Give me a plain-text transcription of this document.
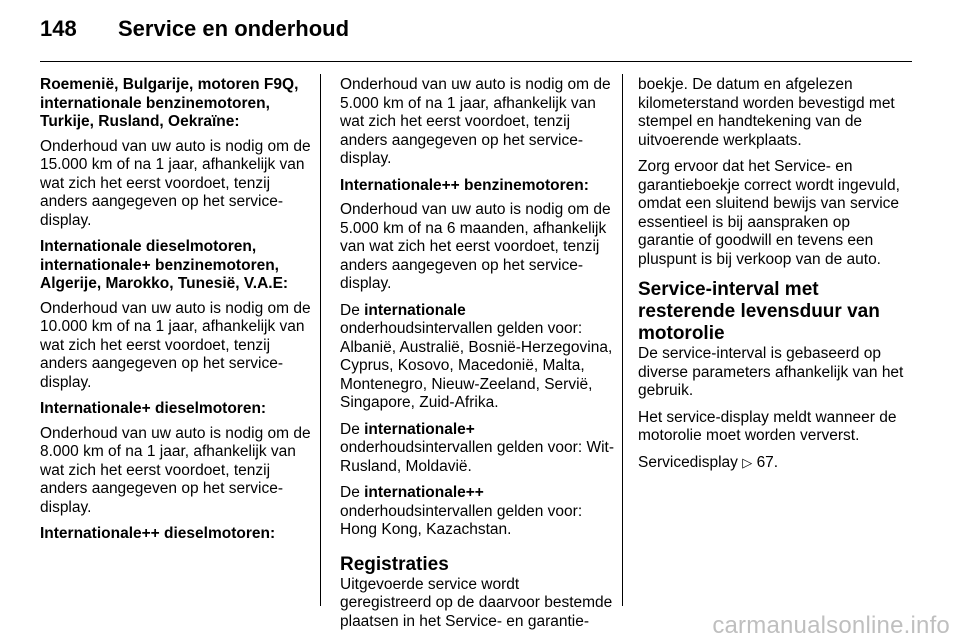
148 Service en onderhoud

Roemenië, Bulgarije, motoren F9Q, internationale benzinemotoren, Turkije, Rusland, Oekraïne:

Onderhoud van uw auto is nodig om de 15.000 km of na 1 jaar, afhankelijk van wat zich het eerst voordoet, tenzij anders aangegeven op het service-display.

Internationale dieselmotoren, internationale+ benzinemotoren, Algerije, Marokko, Tunesië, V.A.E:

Onderhoud van uw auto is nodig om de 10.000 km of na 1 jaar, afhankelijk van wat zich het eerst voordoet, tenzij anders aangegeven op het service-display.

Internationale+ dieselmotoren:

Onderhoud van uw auto is nodig om de 8.000 km of na 1 jaar, afhankelijk van wat zich het eerst voordoet, tenzij anders aangegeven op het service-display.

Internationale++ dieselmotoren:

Onderhoud van uw auto is nodig om de 5.000 km of na 1 jaar, afhankelijk van wat zich het eerst voordoet, tenzij anders aangegeven op het service-display.

Internationale++ benzinemotoren:

Onderhoud van uw auto is nodig om de 5.000 km of na 6 maanden, afhankelijk van wat zich het eerst voordoet, tenzij anders aangegeven op het service-display.

De internationale onderhoudsintervallen gelden voor: Albanië, Australië, Bosnië-Herzegovina, Cyprus, Kosovo, Macedonië, Malta, Montenegro, Nieuw-Zeeland, Servië, Singapore, Zuid-Afrika.

De internationale+ onderhoudsintervallen gelden voor: Wit-Rusland, Moldavië.

De internationale++ onderhoudsintervallen gelden voor: Hong Kong, Kazachstan.

Registraties

Uitgevoerde service wordt geregistreerd op de daarvoor bestemde plaatsen in het Service- en garantie-

boekje. De datum en afgelezen kilometerstand worden bevestigd met stempel en handtekening van de uitvoerende werkplaats.

Zorg ervoor dat het Service- en garantieboekje correct wordt ingevuld, omdat een sluitend bewijs van service essentieel is bij aanspraken op garantie of goodwill en tevens een pluspunt is bij verkoop van de auto.

Service-interval met resterende levensduur van motorolie

De service-interval is gebaseerd op diverse parameters afhankelijk van het gebruik.

Het service-display meldt wanneer de motorolie moet worden ververst.

Servicedisplay ▷ 67.

carmanualsonline.info
